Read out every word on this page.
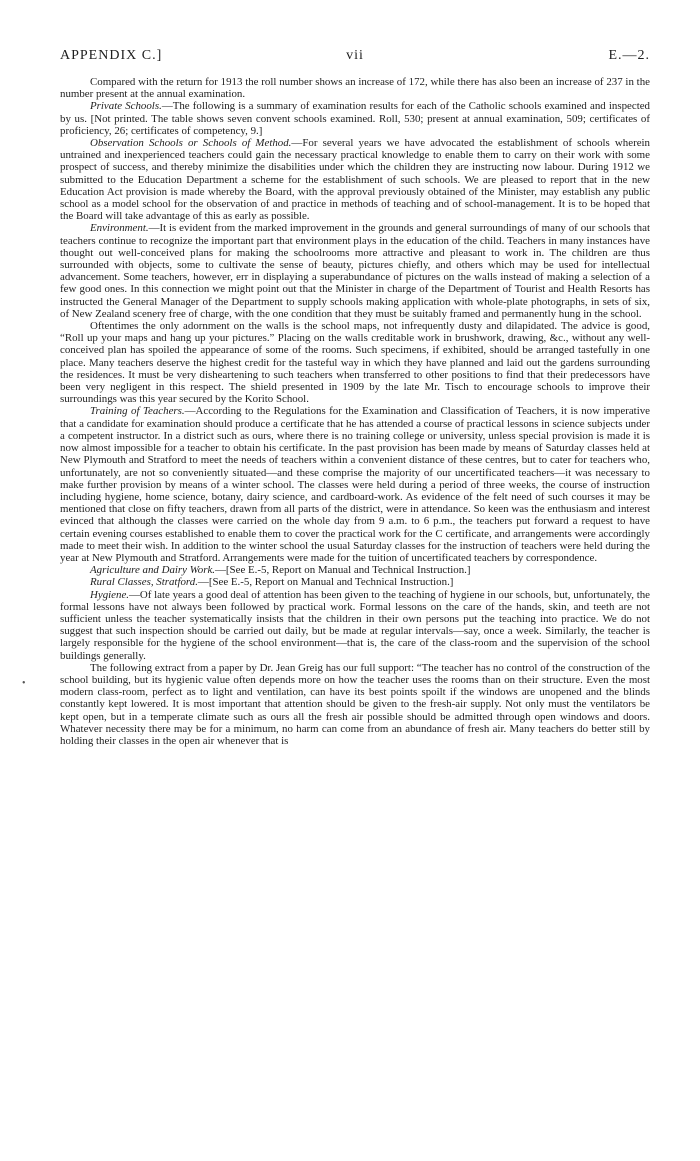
APPENDIX C.]	vii	E.—2.
•

Compared with the return for 1913 the roll number shows an increase of 172, while there has also been an increase of 237 in the number present at the annual examination.

Private Schools.—The following is a summary of examination results for each of the Catholic schools examined and inspected by us. [Not printed. The table shows seven convent schools examined. Roll, 530; present at annual examination, 509; certificates of proficiency, 26; certificates of competency, 9.]

Observation Schools or Schools of Method.—For several years we have advocated the establishment of schools wherein untrained and inexperienced teachers could gain the necessary practical knowledge to enable them to carry on their work with some prospect of success, and thereby minimize the disabilities under which the children they are instructing now labour. During 1912 we submitted to the Education Department a scheme for the establishment of such schools. We are pleased to report that in the new Education Act provision is made whereby the Board, with the approval previously obtained of the Minister, may establish any public school as a model school for the observation of and practice in methods of teaching and of school-management. It is to be hoped that the Board will take advantage of this as early as possible.

Environment.—It is evident from the marked improvement in the grounds and general surroundings of many of our schools that teachers continue to recognize the important part that environment plays in the education of the child. Teachers in many instances have thought out well-conceived plans for making the schoolrooms more attractive and pleasant to work in. The children are thus surrounded with objects, some to cultivate the sense of beauty, pictures chiefly, and others which may be used for intellectual advancement. Some teachers, however, err in displaying a superabundance of pictures on the walls instead of making a selection of a few good ones. In this connection we might point out that the Minister in charge of the Department of Tourist and Health Resorts has instructed the General Manager of the Department to supply schools making application with whole-plate photographs, in sets of six, of New Zealand scenery free of charge, with the one condition that they must be suitably framed and permanently hung in the school.

Oftentimes the only adornment on the walls is the school maps, not infrequently dusty and dilapidated. The advice is good, “Roll up your maps and hang up your pictures.” Placing on the walls creditable work in brushwork, drawing, &c., without any well-conceived plan has spoiled the appearance of some of the rooms. Such specimens, if exhibited, should be arranged tastefully in one place. Many teachers deserve the highest credit for the tasteful way in which they have planned and laid out the gardens surrounding the residences. It must be very disheartening to such teachers when transferred to other positions to find that their predecessors have been very negligent in this respect. The shield presented in 1909 by the late Mr. Tisch to encourage schools to improve their surroundings was this year secured by the Korito School.

Training of Teachers.—According to the Regulations for the Examination and Classification of Teachers, it is now imperative that a candidate for examination should produce a certificate that he has attended a course of practical lessons in science subjects under a competent instructor. In a district such as ours, where there is no training college or university, unless special provision is made it is now almost impossible for a teacher to obtain his certificate. In the past provision has been made by means of Saturday classes held at New Plymouth and Stratford to meet the needs of teachers within a convenient distance of these centres, but to cater for teachers who, unfortunately, are not so conveniently situated—and these comprise the majority of our uncertificated teachers—it was necessary to make further provision by means of a winter school. The classes were held during a period of three weeks, the course of instruction including hygiene, home science, botany, dairy science, and cardboard-work. As evidence of the felt need of such courses it may be mentioned that close on fifty teachers, drawn from all parts of the district, were in attendance. So keen was the enthusiasm and interest evinced that although the classes were carried on the whole day from 9 a.m. to 6 p.m., the teachers put forward a request to have certain evening courses established to enable them to cover the practical work for the C certificate, and arrangements were accordingly made to meet their wish. In addition to the winter school the usual Saturday classes for the instruction of teachers were held during the year at New Plymouth and Stratford. Arrangements were made for the tuition of uncertificated teachers by correspondence.

Agriculture and Dairy Work.—[See E.-5, Report on Manual and Technical Instruction.]

Rural Classes, Stratford.—[See E.-5, Report on Manual and Technical Instruction.]

Hygiene.—Of late years a good deal of attention has been given to the teaching of hygiene in our schools, but, unfortunately, the formal lessons have not always been followed by practical work. Formal lessons on the care of the hands, skin, and teeth are not sufficient unless the teacher systematically insists that the children in their own persons put the teaching into practice. We do not suggest that such inspection should be carried out daily, but be made at regular intervals—say, once a week. Similarly, the teacher is largely responsible for the hygiene of the school environment—that is, the care of the class-room and the supervision of the school buildings generally.

The following extract from a paper by Dr. Jean Greig has our full support: “The teacher has no control of the construction of the school building, but its hygienic value often depends more on how the teacher uses the rooms than on their structure. Even the most modern class-room, perfect as to light and ventilation, can have its best points spoilt if the windows are unopened and the blinds constantly kept lowered. It is most important that attention should be given to the fresh-air supply. Not only must the ventilators be kept open, but in a temperate climate such as ours all the fresh air possible should be admitted through open windows and doors. Whatever necessity there may be for a minimum, no harm can come from an abundance of fresh air. Many teachers do better still by holding their classes in the open air whenever that is
